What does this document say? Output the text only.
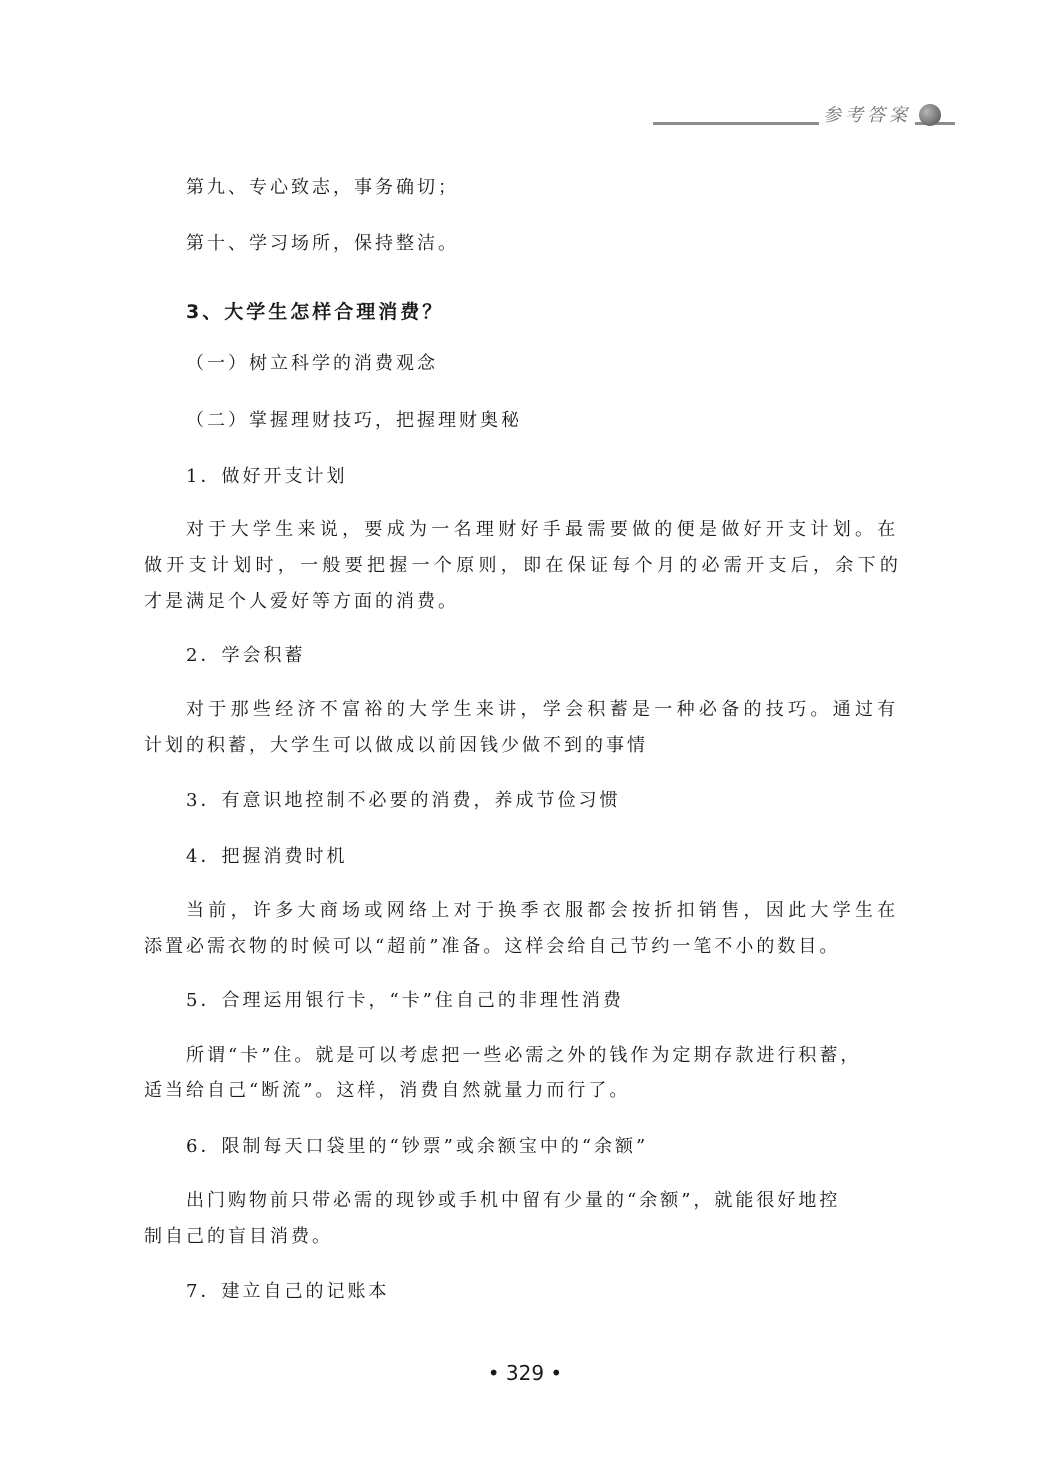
参考答案

第九、专心致志，事务确切；

第十、学习场所，保持整洁。

3、大学生怎样合理消费？

（一）树立科学的消费观念

（二）掌握理财技巧，把握理财奥秘

1．做好开支计划

对于大学生来说，要成为一名理财好手最需要做的便是做好开支计划。在

做开支计划时，一般要把握一个原则，即在保证每个月的必需开支后，余下的

才是满足个人爱好等方面的消费。

2．学会积蓄

对于那些经济不富裕的大学生来讲，学会积蓄是一种必备的技巧。通过有

计划的积蓄，大学生可以做成以前因钱少做不到的事情

3．有意识地控制不必要的消费，养成节俭习惯

4．把握消费时机

当前，许多大商场或网络上对于换季衣服都会按折扣销售，因此大学生在

添置必需衣物的时候可以“超前”准备。这样会给自己节约一笔不小的数目。

5．合理运用银行卡，“卡”住自己的非理性消费

所谓“卡”住。就是可以考虑把一些必需之外的钱作为定期存款进行积蓄，

适当给自己“断流”。这样，消费自然就量力而行了。

6．限制每天口袋里的“钞票”或余额宝中的“余额”

出门购物前只带必需的现钞或手机中留有少量的“余额”，就能很好地控

制自己的盲目消费。

7．建立自己的记账本

• 329 •
